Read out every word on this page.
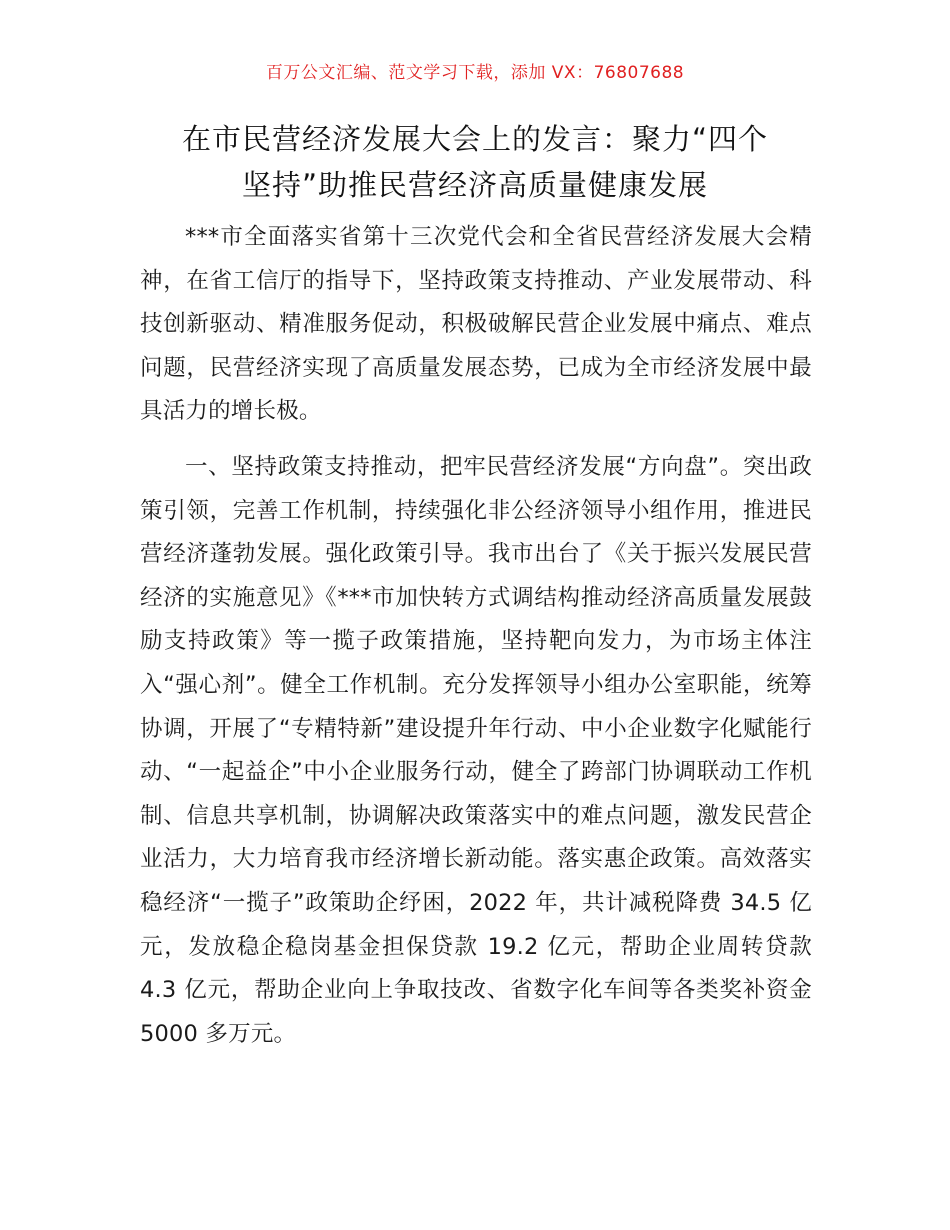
百万公文汇编、范文学习下载，添加 VX：76807688
在市民营经济发展大会上的发言：聚力“四个
坚持”助推民营经济高质量健康发展

***市全面落实省第十三次党代会和全省民营经济发展大会精神，在省工信厅的指导下，坚持政策支持推动、产业发展带动、科技创新驱动、精准服务促动，积极破解民营企业发展中痛点、难点问题，民营经济实现了高质量发展态势，已成为全市经济发展中最具活力的增长极。

一、坚持政策支持推动，把牢民营经济发展“方向盘”。突出政策引领，完善工作机制，持续强化非公经济领导小组作用，推进民营经济蓬勃发展。强化政策引导。我市出台了《关于振兴发展民营经济的实施意见》《***市加快转方式调结构推动经济高质量发展鼓励支持政策》等一揽子政策措施，坚持靶向发力，为市场主体注入“强心剂”。健全工作机制。充分发挥领导小组办公室职能，统筹协调，开展了“专精特新”建设提升年行动、中小企业数字化赋能行动、“一起益企”中小企业服务行动，健全了跨部门协调联动工作机制、信息共享机制，协调解决政策落实中的难点问题，激发民营企业活力，大力培育我市经济增长新动能。落实惠企政策。高效落实稳经济“一揽子”政策助企纾困，2022 年，共计减税降费 34.5 亿元，发放稳企稳岗基金担保贷款 19.2 亿元，帮助企业周转贷款 4.3 亿元，帮助企业向上争取技改、省数字化车间等各类奖补资金 5000 多万元。
